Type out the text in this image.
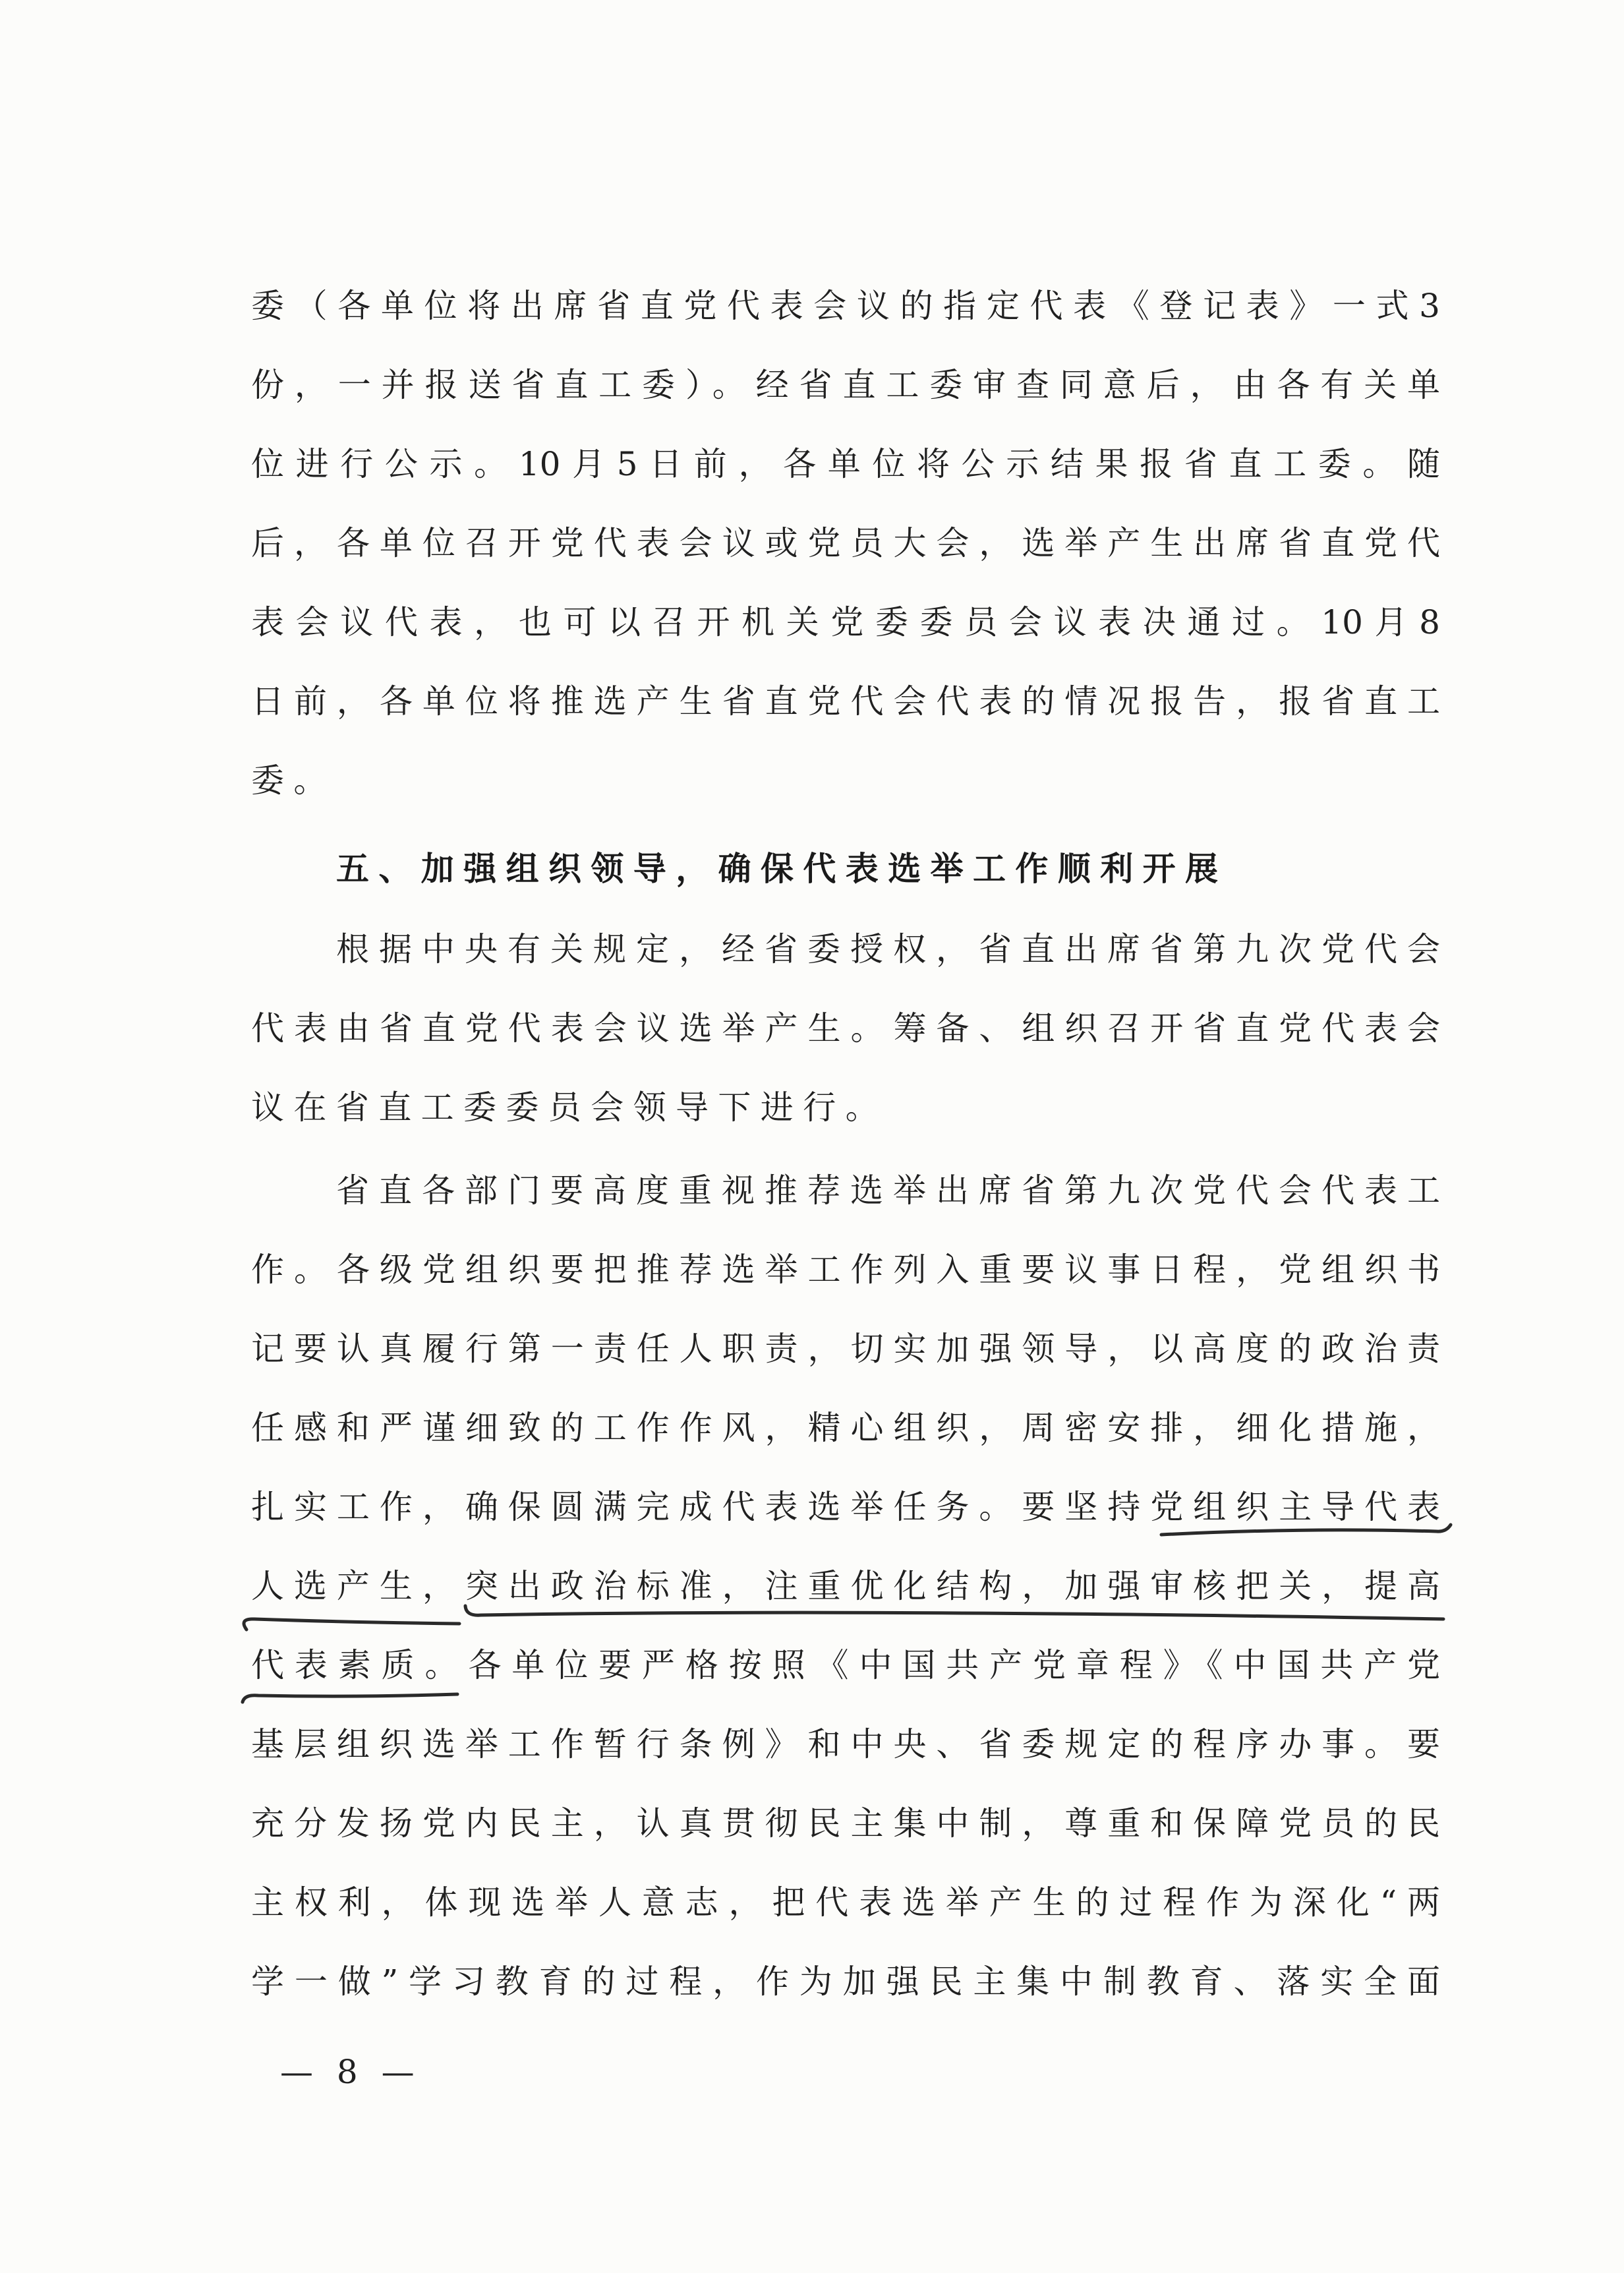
委（各单位将出席省直党代表会议的指定代表《登记表》一式3
份，一并报送省直工委）。经省直工委审查同意后，由各有关单
位进行公示。10月5日前，各单位将公示结果报省直工委。随
后，各单位召开党代表会议或党员大会，选举产生出席省直党代
表会议代表，也可以召开机关党委委员会议表决通过。10月8
日前，各单位将推选产生省直党代会代表的情况报告，报省直工
委。
五、加强组织领导，确保代表选举工作顺利开展
根据中央有关规定，经省委授权，省直出席省第九次党代会
代表由省直党代表会议选举产生。筹备、组织召开省直党代表会
议在省直工委委员会领导下进行。
省直各部门要高度重视推荐选举出席省第九次党代会代表工
作。各级党组织要把推荐选举工作列入重要议事日程，党组织书
记要认真履行第一责任人职责，切实加强领导，以高度的政治责
任感和严谨细致的工作作风，精心组织，周密安排，细化措施，
扎实工作，确保圆满完成代表选举任务。要坚持党组织主导代表
人选产生，突出政治标准，注重优化结构，加强审核把关，提高
代表素质。各单位要严格按照《中国共产党章程》《中国共产党
基层组织选举工作暂行条例》和中央、省委规定的程序办事。要
充分发扬党内民主，认真贯彻民主集中制，尊重和保障党员的民
主权利，体现选举人意志，把代表选举产生的过程作为深化“两
学一做”学习教育的过程，作为加强民主集中制教育、落实全面
— 8 —
